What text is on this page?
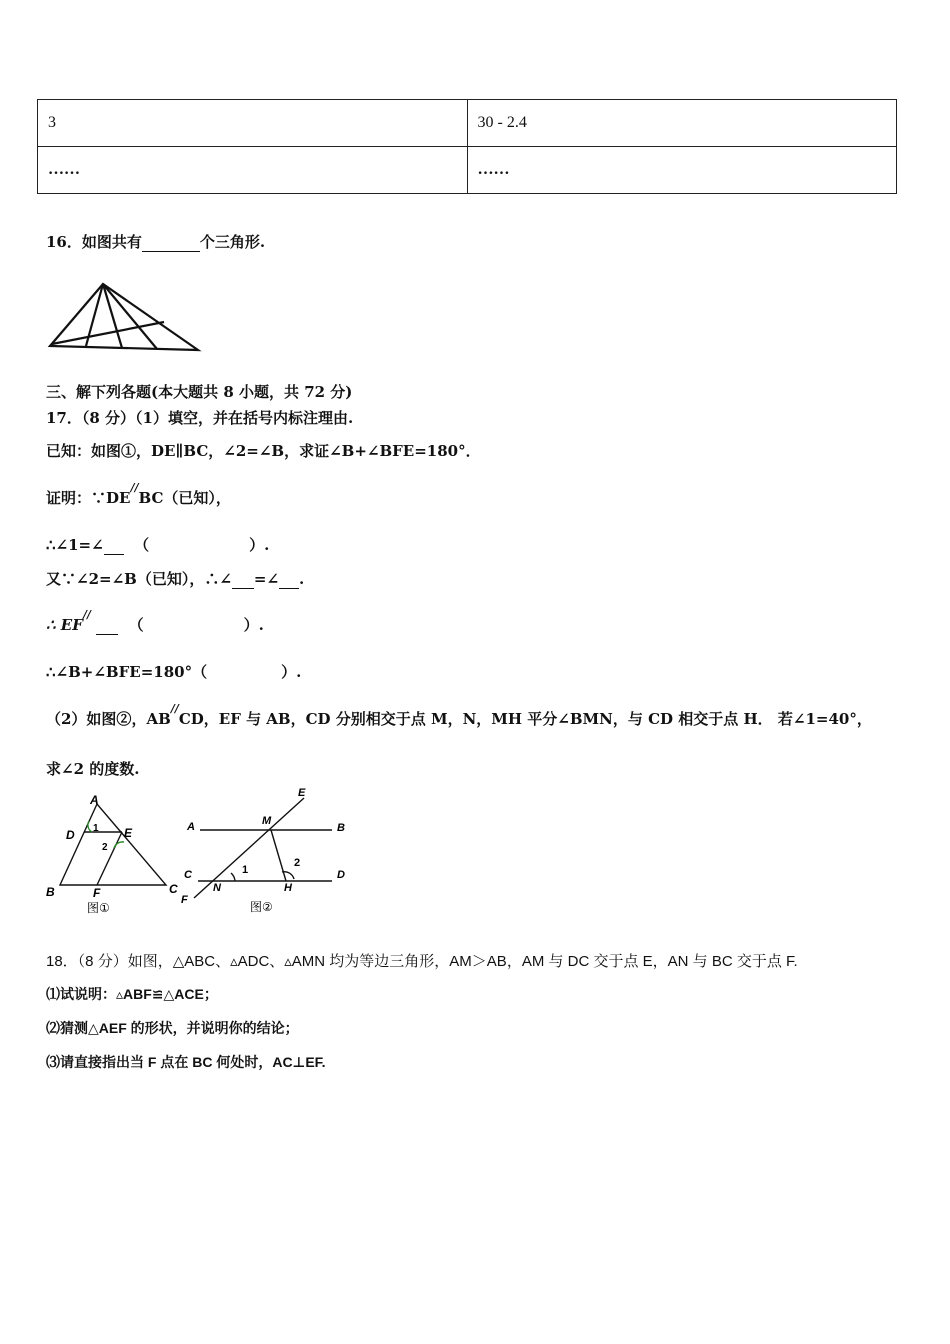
3	30 - 2.4
……	……
16．如图共有	个三角形.
三、解下列各题(本大题共 8 小题，共 72 分)
17．（8 分）（1）填空，并在括号内标注理由.
已知：如图①，DE∥BC，∠2=∠B，求证∠B+∠BFE=180°．
证明：∵DE//BC（已知），
∴∠1=∠ （	）.
又∵∠2=∠B（已知），∴∠ =∠ .
∴ EF//    （	）.
∴∠B+∠BFE=180°（	）.
（2）如图②，AB//CD，EF 与 AB，CD 分别相交于点 M，N，MH 平分∠BMN，与 CD 相交于点 H． 若∠1=40°，
求∠2 的度数.
A
D	E
B	F	C
1
2
图①
E
A	M
B
C	D
N	H
F
1
2
图②
18．（8 分）如图，△ABC、▵ADC、▵AMN 均为等边三角形，AM＞AB，AM 与 DC 交于点 E，AN 与 BC 交于点 F.
⑴试说明：▵ABF≌△ACE；
⑵猜测△AEF 的形状，并说明你的结论；
⑶请直接指出当 F 点在 BC 何处时，AC⊥EF.
